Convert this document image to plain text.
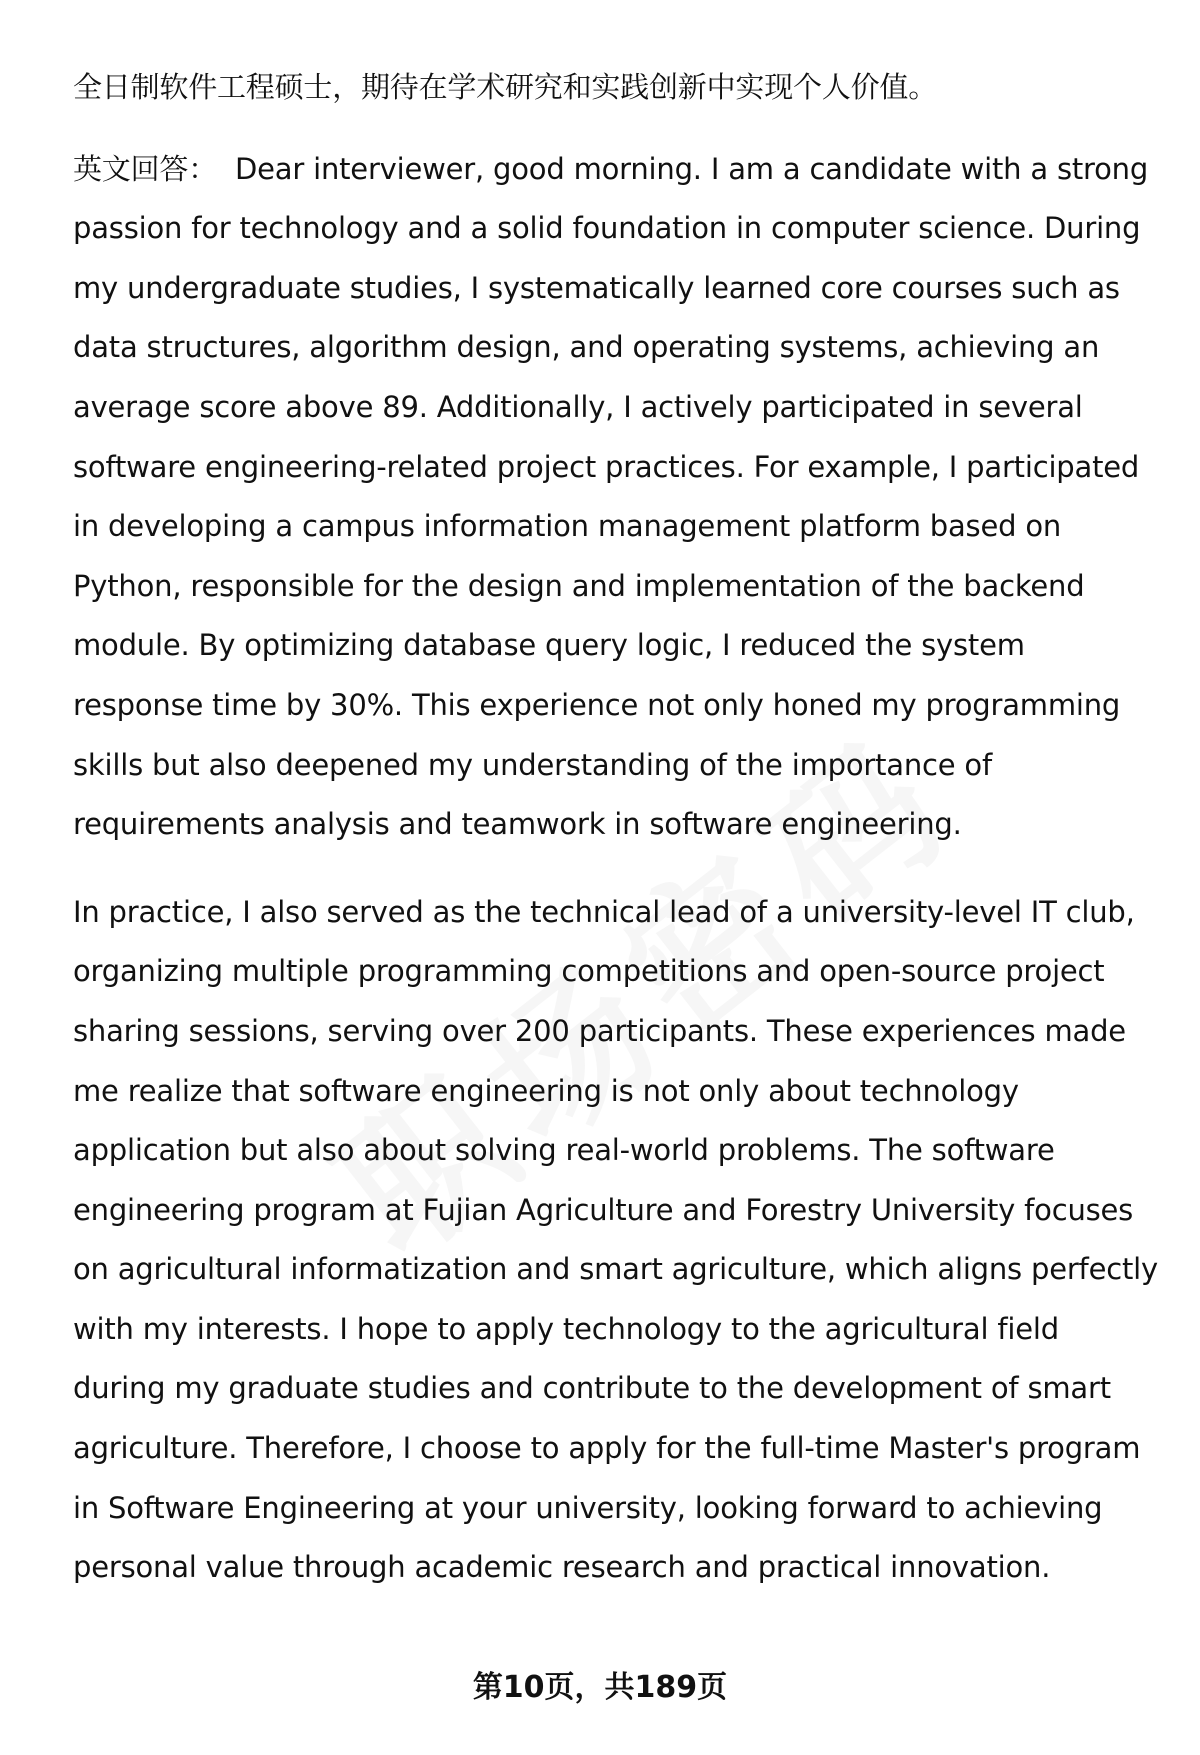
全日制软件工程硕士，期待在学术研究和实践创新中实现个人价值。

英文回答： Dear interviewer, good morning. I am a candidate with a strong passion for technology and a solid foundation in computer science. During my undergraduate studies, I systematically learned core courses such as data structures, algorithm design, and operating systems, achieving an average score above 89. Additionally, I actively participated in several software engineering-related project practices. For example, I participated in developing a campus information management platform based on Python, responsible for the design and implementation of the backend module. By optimizing database query logic, I reduced the system response time by 30%. This experience not only honed my programming skills but also deepened my understanding of the importance of requirements analysis and teamwork in software engineering.

In practice, I also served as the technical lead of a university-level IT club, organizing multiple programming competitions and open-source project sharing sessions, serving over 200 participants. These experiences made me realize that software engineering is not only about technology application but also about solving real-world problems. The software engineering program at Fujian Agriculture and Forestry University focuses on agricultural informatization and smart agriculture, which aligns perfectly with my interests. I hope to apply technology to the agricultural field during my graduate studies and contribute to the development of smart agriculture. Therefore, I choose to apply for the full-time Master's program in Software Engineering at your university, looking forward to achieving personal value through academic research and practical innovation.

第10页，共189页
